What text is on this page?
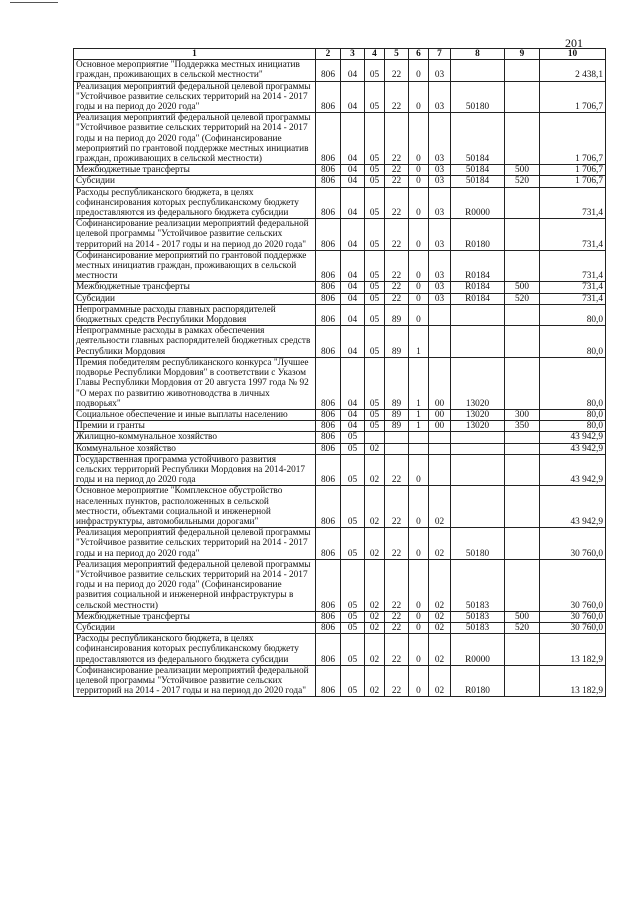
201
1	2	3	4	5	6	7	8	9	10
Основное мероприятие "Поддержка местных инициатив граждан, проживающих в сельской местности"	806	04	05	22	0	03			2 438,1
Реализация мероприятий федеральной целевой программы "Устойчивое развитие сельских территорий на 2014 - 2017 годы и на период до 2020 года"	806	04	05	22	0	03	50180		1 706,7
Реализация мероприятий федеральной целевой программы "Устойчивое развитие сельских территорий на 2014 - 2017 годы и на период до 2020 года" (Софинансирование мероприятий по грантовой поддержке местных инициатив граждан, проживающих в сельской местности)	806	04	05	22	0	03	50184		1 706,7
Межбюджетные трансферты	806	04	05	22	0	03	50184	500	1 706,7
Субсидии	806	04	05	22	0	03	50184	520	1 706,7
Расходы республиканского бюджета, в целях софинансирования которых республиканскому бюджету предоставляются из федерального бюджета субсидии	806	04	05	22	0	03	R0000		731,4
Софинансирование реализации мероприятий федеральной целевой программы "Устойчивое развитие сельских территорий на 2014 - 2017 годы и на период до 2020 года"	806	04	05	22	0	03	R0180		731,4
Софинансирование мероприятий по грантовой поддержке местных инициатив граждан, проживающих в сельской местности	806	04	05	22	0	03	R0184		731,4
Межбюджетные трансферты	806	04	05	22	0	03	R0184	500	731,4
Субсидии	806	04	05	22	0	03	R0184	520	731,4
Непрограммные расходы главных распорядителей бюджетных средств Республики Мордовия	806	04	05	89	0				80,0
Непрограммные расходы в рамках обеспечения деятельности главных распорядителей бюджетных средств Республики Мордовия	806	04	05	89	1				80,0
Премия победителям республиканского конкурса "Лучшее подворье Республики Мордовия" в соответствии с Указом Главы Республики Мордовия от 20 августа 1997 года № 92 "О мерах по развитию животноводства в личных подворьях"	806	04	05	89	1	00	13020		80,0
Социальное обеспечение и иные выплаты населению	806	04	05	89	1	00	13020	300	80,0
Премии и гранты	806	04	05	89	1	00	13020	350	80,0
Жилищно-коммунальное хозяйство	806	05							43 942,9
Коммунальное хозяйство	806	05	02						43 942,9
Государственная программа устойчивого развития сельских территорий Республики Мордовия на 2014-2017 годы и на период до 2020 года	806	05	02	22	0				43 942,9
Основное мероприятие "Комплексное обустройство населенных пунктов, расположенных в сельской местности, объектами социальной и инженерной инфраструктуры, автомобильными дорогами"	806	05	02	22	0	02			43 942,9
Реализация мероприятий федеральной целевой программы "Устойчивое развитие сельских территорий на 2014 - 2017 годы и на период до 2020 года"	806	05	02	22	0	02	50180		30 760,0
Реализация мероприятий федеральной целевой программы "Устойчивое развитие сельских территорий на 2014 - 2017 годы и на период до 2020 года" (Софинансирование развития социальной и инженерной инфраструктуры в сельской местности)	806	05	02	22	0	02	50183		30 760,0
Межбюджетные трансферты	806	05	02	22	0	02	50183	500	30 760,0
Субсидии	806	05	02	22	0	02	50183	520	30 760,0
Расходы республиканского бюджета, в целях софинансирования которых республиканскому бюджету предоставляются из федерального бюджета субсидии	806	05	02	22	0	02	R0000		13 182,9
Софинансирование реализации мероприятий федеральной целевой программы "Устойчивое развитие сельских территорий на 2014 - 2017 годы и на период до 2020 года"	806	05	02	22	0	02	R0180		13 182,9
